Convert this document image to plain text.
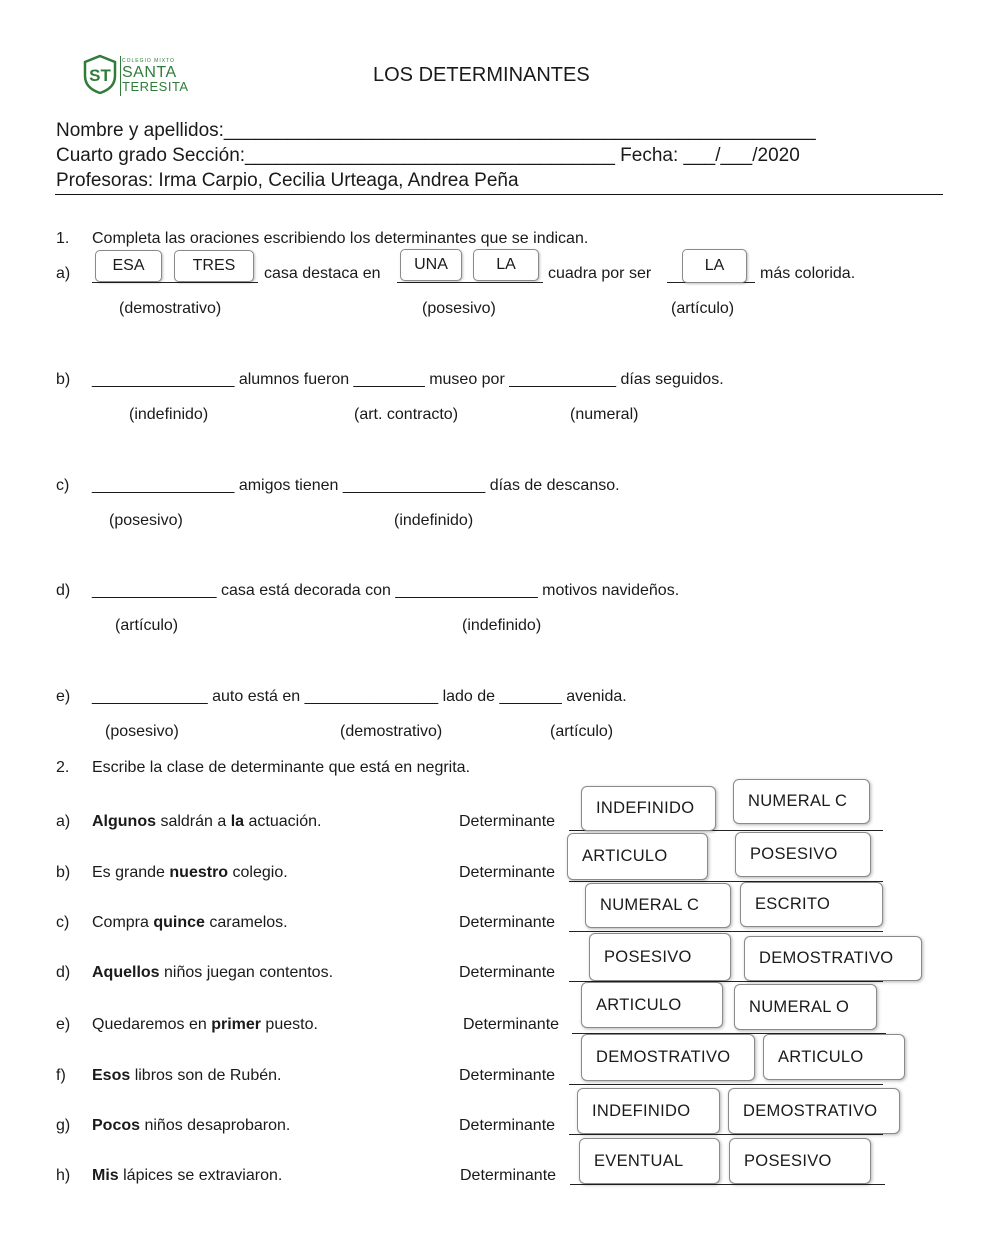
ST
COLEGIO MIXTO
SANTA
TERESITA
LOS DETERMINANTES
Nombre y apellidos:________________________________________________________
Cuarto grado Sección:___________________________________ Fecha: ___/___/2020
Profesoras: Irma Carpio, Cecilia Urteaga, Andrea Peña
1. Completa las oraciones escribiendo los determinantes que se indican.
a)	casa destaca en	cuadra por ser	más colorida.
ESA	TRES	UNA	LA	LA
(demostrativo)	(posesivo)	(artículo)
b) ________________ alumnos fueron ________ museo por ____________ días seguidos.
(indefinido)	(art. contracto)	(numeral)
c) ________________ amigos tienen ________________ días de descanso.
(posesivo)	(indefinido)
d) ______________ casa está decorada con ________________ motivos navideños.
(artículo)	(indefinido)
e) _____________ auto está en _______________ lado de _______ avenida.
(posesivo)	(demostrativo)	(artículo)
2. Escribe la clase de determinante que está en negrita.
a) Algunos saldrán a la actuación.	Determinante
INDEFINIDO	NUMERAL C
b) Es grande nuestro colegio.	Determinante
ARTICULO	POSESIVO
c) Compra quince caramelos.	Determinante
NUMERAL C	ESCRITO
d) Aquellos niños juegan contentos.	Determinante
POSESIVO	DEMOSTRATIVO
e) Quedaremos en primer puesto.	Determinante
ARTICULO	NUMERAL O
f) Esos libros son de Rubén.	Determinante
DEMOSTRATIVO	ARTICULO
g) Pocos niños desaprobaron.	Determinante
INDEFINIDO	DEMOSTRATIVO
h) Mis lápices se extraviaron.	Determinante
EVENTUAL	POSESIVO
